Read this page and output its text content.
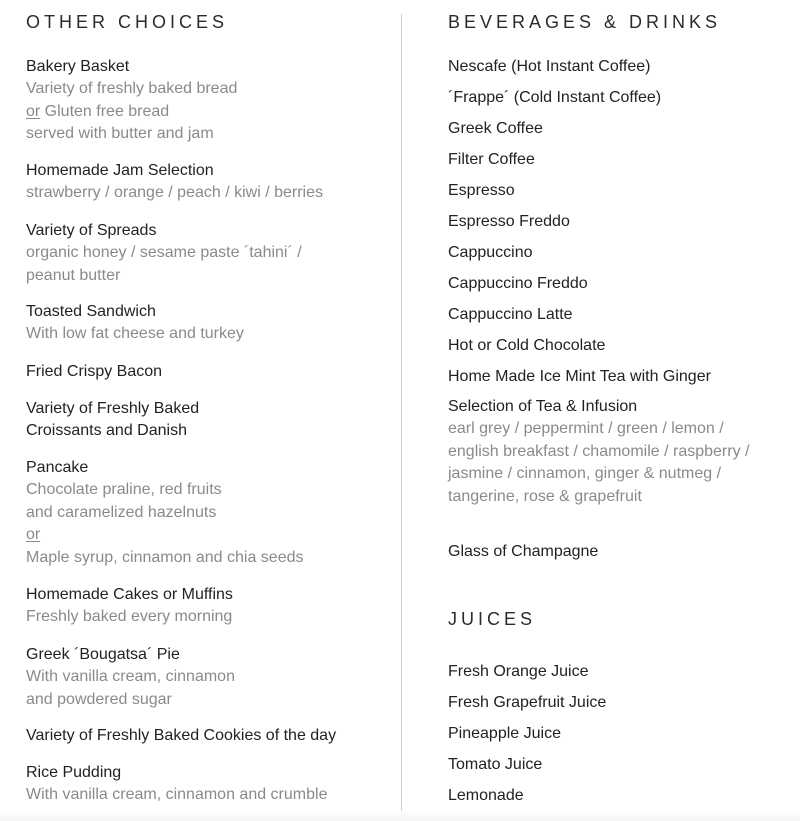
OTHER CHOICES
Bakery Basket
Variety of freshly baked bread
or Gluten free bread
served with butter and jam
Homemade Jam Selection
strawberry / orange / peach / kiwi / berries
Variety of Spreads
organic honey / sesame paste ´tahini´ /
peanut butter
Toasted Sandwich
With low fat cheese and turkey
Fried Crispy Bacon
Variety of Freshly Baked
Croissants and Danish
Pancake
Chocolate praline, red fruits
and caramelized hazelnuts
or
Maple syrup, cinnamon and chia seeds
Homemade Cakes or Muffins
Freshly baked every morning
Greek ´Bougatsa´ Pie
With vanilla cream, cinnamon
and powdered sugar
Variety of Freshly Baked Cookies of the day
Rice Pudding
With vanilla cream, cinnamon and crumble
BEVERAGES & DRINKS
Nescafe (Hot Instant Coffee)
´Frappe´ (Cold Instant Coffee)
Greek Coffee
Filter Coffee
Espresso
Espresso Freddo
Cappuccino
Cappuccino Freddo
Cappuccino Latte
Hot or Cold Chocolate
Home Made Ice Mint Tea with Ginger
Selection of Tea & Infusion
earl grey / peppermint / green / lemon /
english breakfast / chamomile / raspberry /
jasmine / cinnamon, ginger & nutmeg /
tangerine, rose & grapefruit
Glass of Champagne
JUICES
Fresh Orange Juice
Fresh Grapefruit Juice
Pineapple Juice
Tomato Juice
Lemonade
